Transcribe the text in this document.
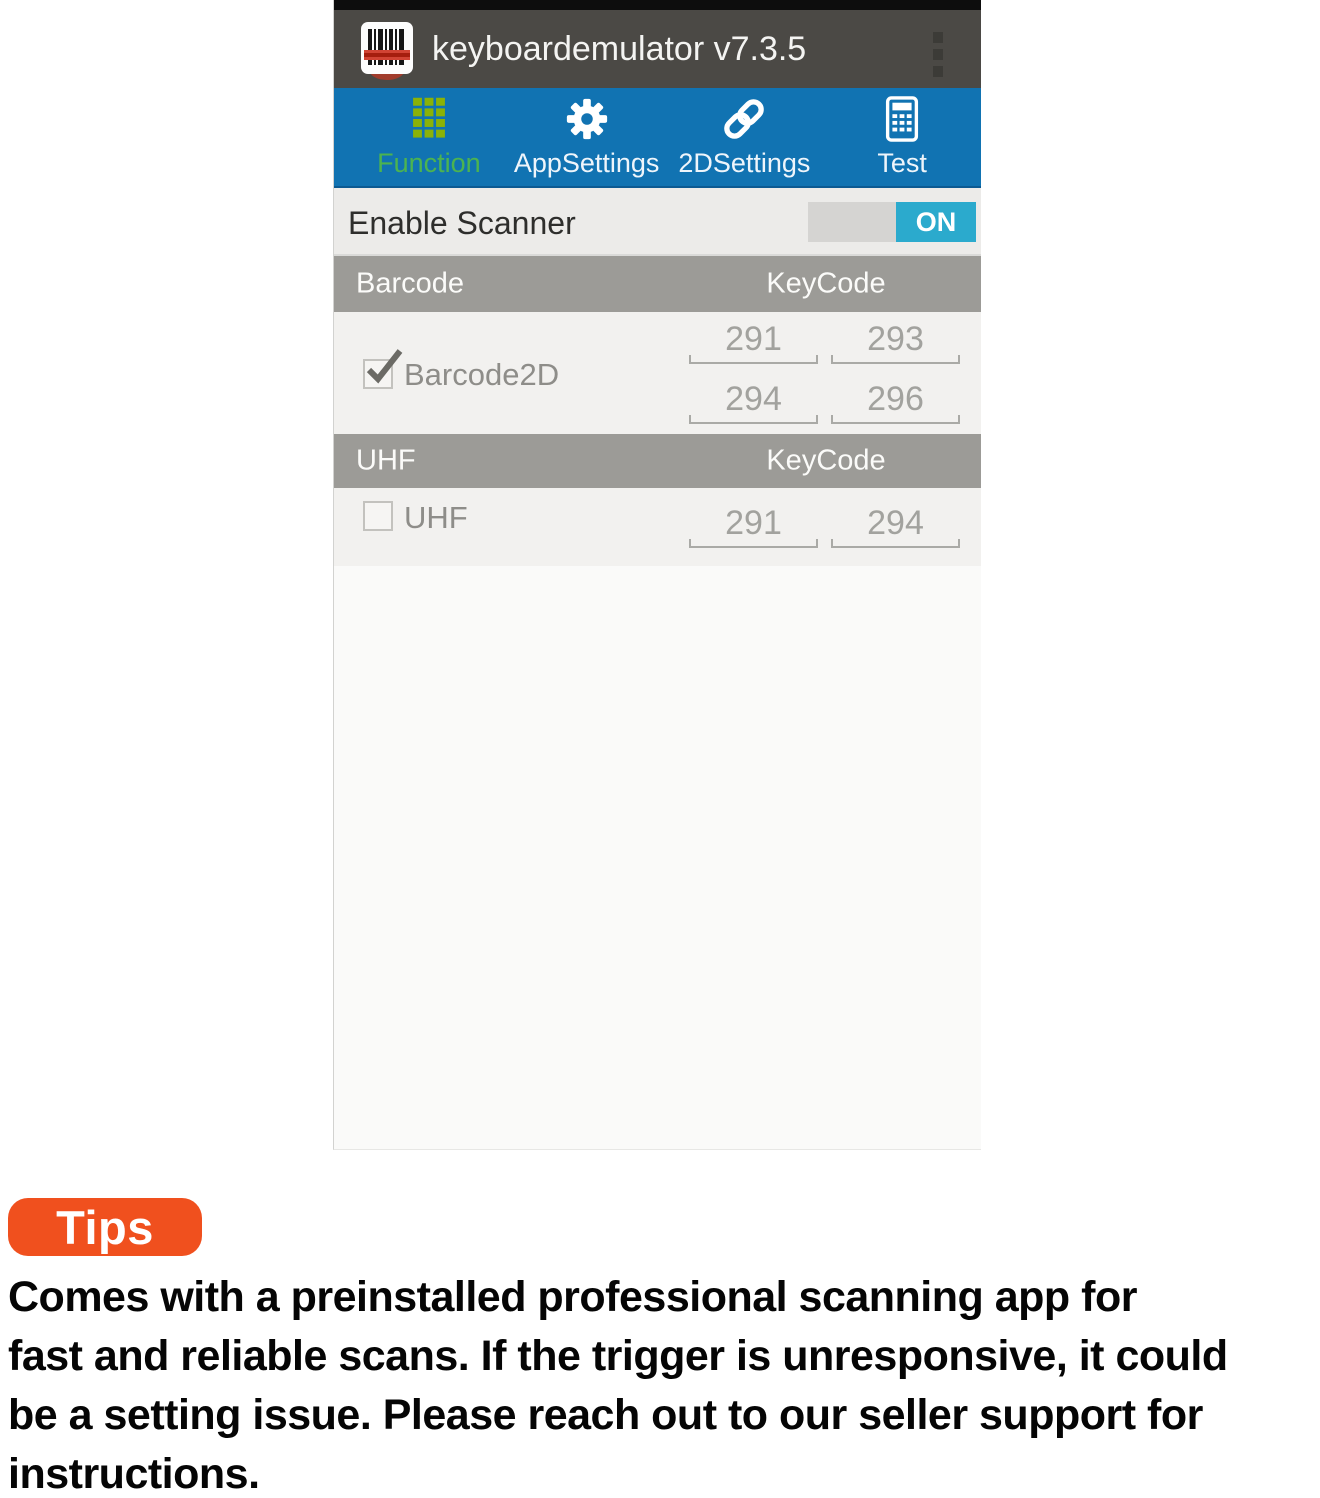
keyboardemulator v7.3.5
Function AppSettings 2DSettings Test
Enable Scanner	ON
Barcode	KeyCode
Barcode2D
291	293
294	296
UHF	KeyCode
UHF	291	294
Tips
Comes with a preinstalled professional scanning app for
fast and reliable scans. If the trigger is unresponsive, it could
be a setting issue. Please reach out to our seller support for
instructions.
